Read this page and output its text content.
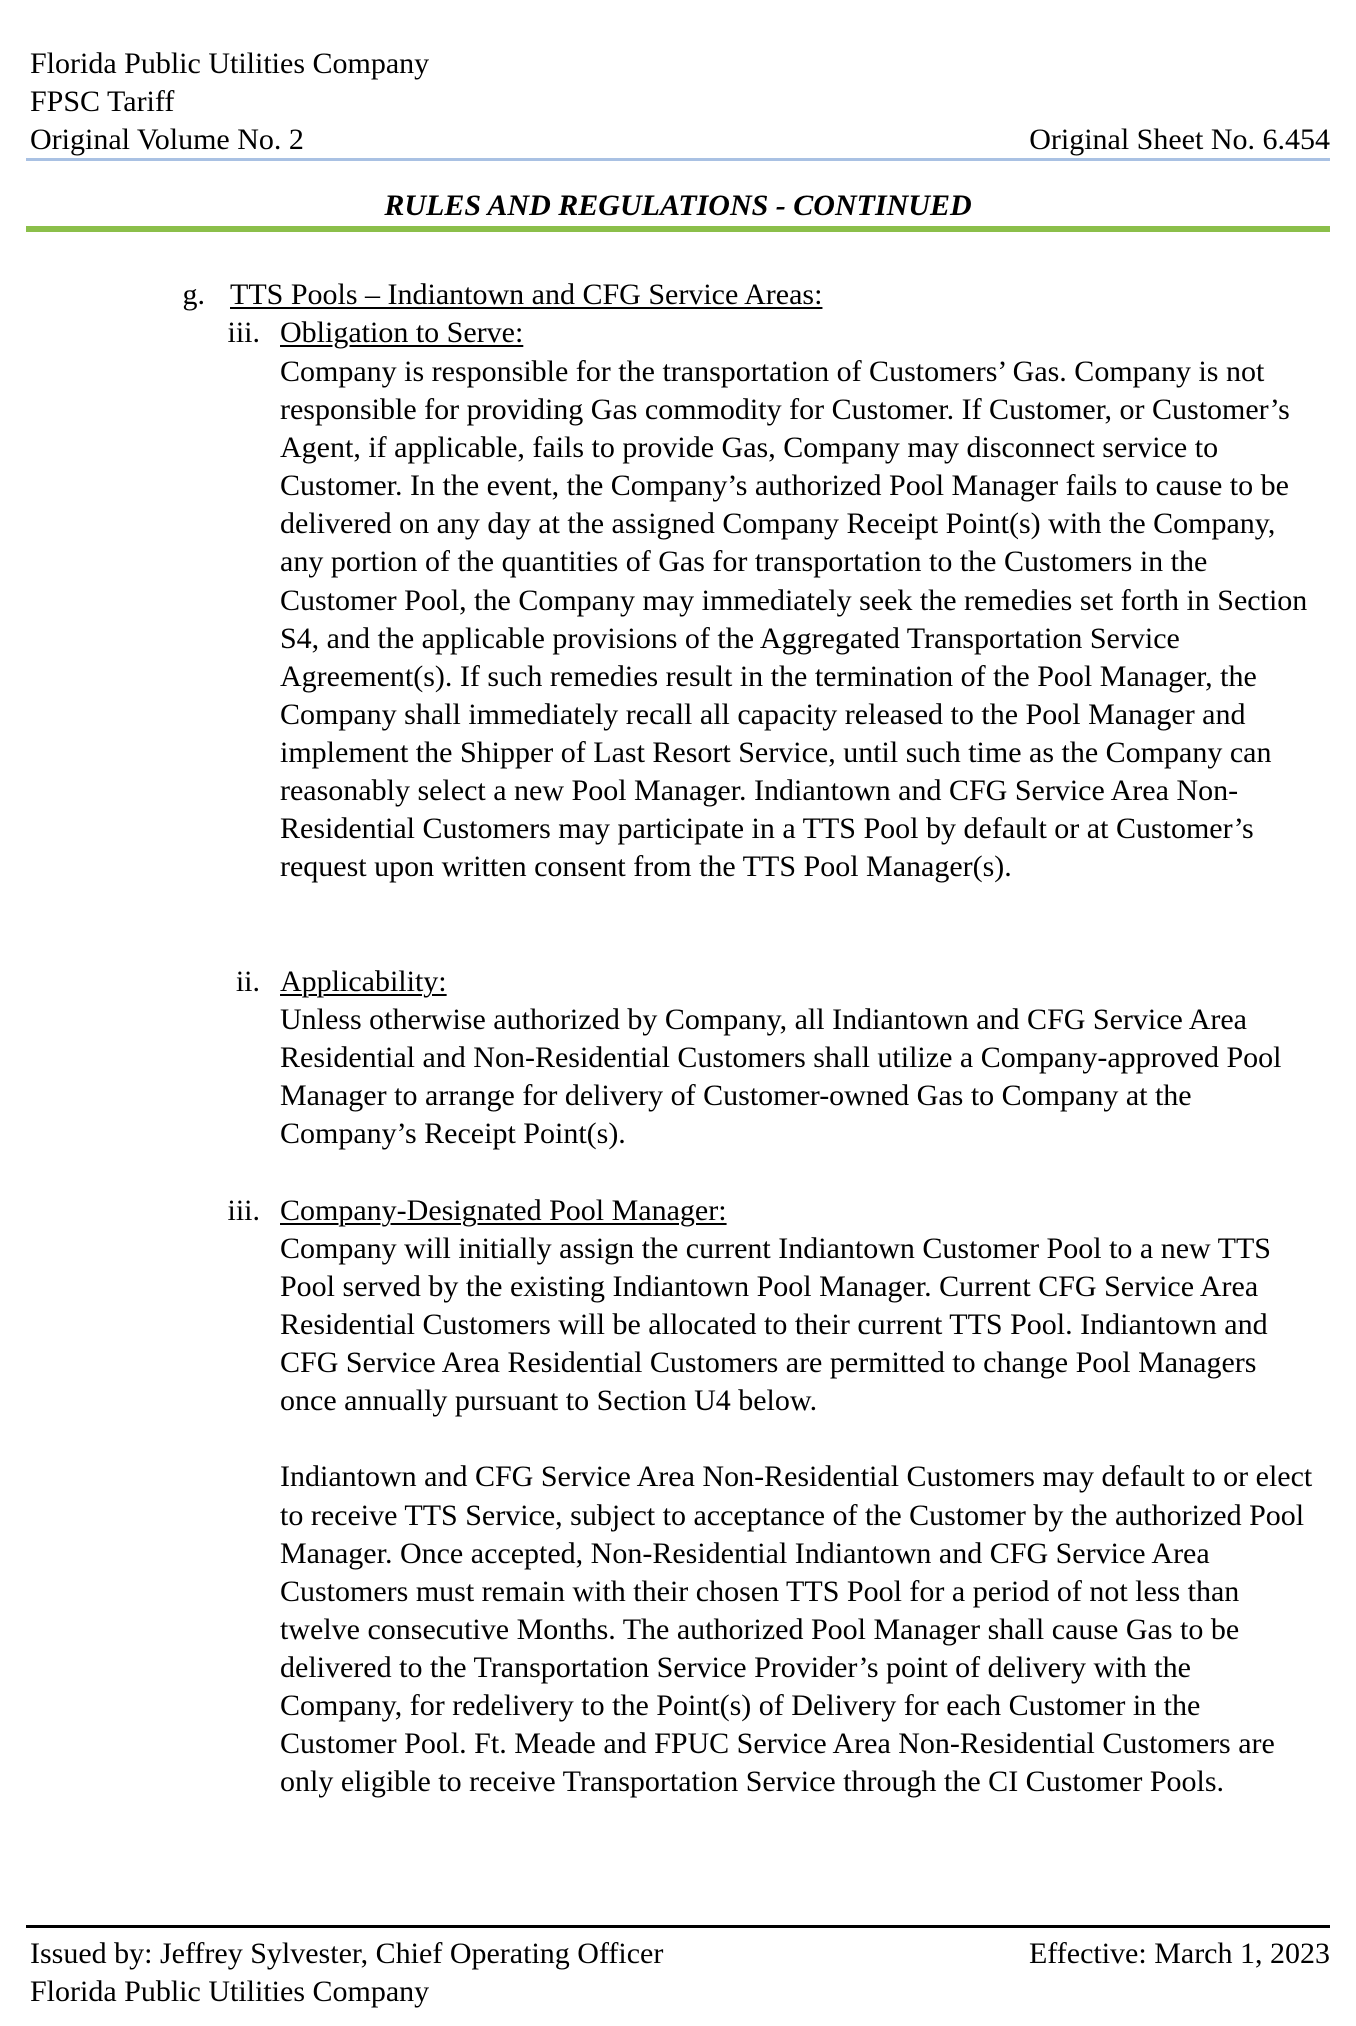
Florida Public Utilities Company
FPSC Tariff
Original Volume No. 2	Original Sheet No. 6.454
RULES AND REGULATIONS - CONTINUED
g. TTS Pools – Indiantown and CFG Service Areas:
iii. Obligation to Serve:

Company is responsible for the transportation of Customers’ Gas. Company is not responsible for providing Gas commodity for Customer. If Customer, or Customer’s Agent, if applicable, fails to provide Gas, Company may disconnect service to Customer. In the event, the Company’s authorized Pool Manager fails to cause to be delivered on any day at the assigned Company Receipt Point(s) with the Company, any portion of the quantities of Gas for transportation to the Customers in the Customer Pool, the Company may immediately seek the remedies set forth in Section S4, and the applicable provisions of the Aggregated Transportation Service Agreement(s). If such remedies result in the termination of the Pool Manager, the Company shall immediately recall all capacity released to the Pool Manager and implement the Shipper of Last Resort Service, until such time as the Company can reasonably select a new Pool Manager. Indiantown and CFG Service Area Non-Residential Customers may participate in a TTS Pool by default or at Customer’s request upon written consent from the TTS Pool Manager(s).

ii. Applicability:

Unless otherwise authorized by Company, all Indiantown and CFG Service Area Residential and Non-Residential Customers shall utilize a Company-approved Pool Manager to arrange for delivery of Customer-owned Gas to Company at the Company’s Receipt Point(s).

iii. Company-Designated Pool Manager:

Company will initially assign the current Indiantown Customer Pool to a new TTS Pool served by the existing Indiantown Pool Manager. Current CFG Service Area Residential Customers will be allocated to their current TTS Pool. Indiantown and CFG Service Area Residential Customers are permitted to change Pool Managers once annually pursuant to Section U4 below.

Indiantown and CFG Service Area Non-Residential Customers may default to or elect to receive TTS Service, subject to acceptance of the Customer by the authorized Pool Manager. Once accepted, Non-Residential Indiantown and CFG Service Area Customers must remain with their chosen TTS Pool for a period of not less than twelve consecutive Months. The authorized Pool Manager shall cause Gas to be delivered to the Transportation Service Provider’s point of delivery with the Company, for redelivery to the Point(s) of Delivery for each Customer in the Customer Pool. Ft. Meade and FPUC Service Area Non-Residential Customers are only eligible to receive Transportation Service through the CI Customer Pools.

Issued by: Jeffrey Sylvester, Chief Operating Officer	Effective: March 1, 2023
Florida Public Utilities Company
